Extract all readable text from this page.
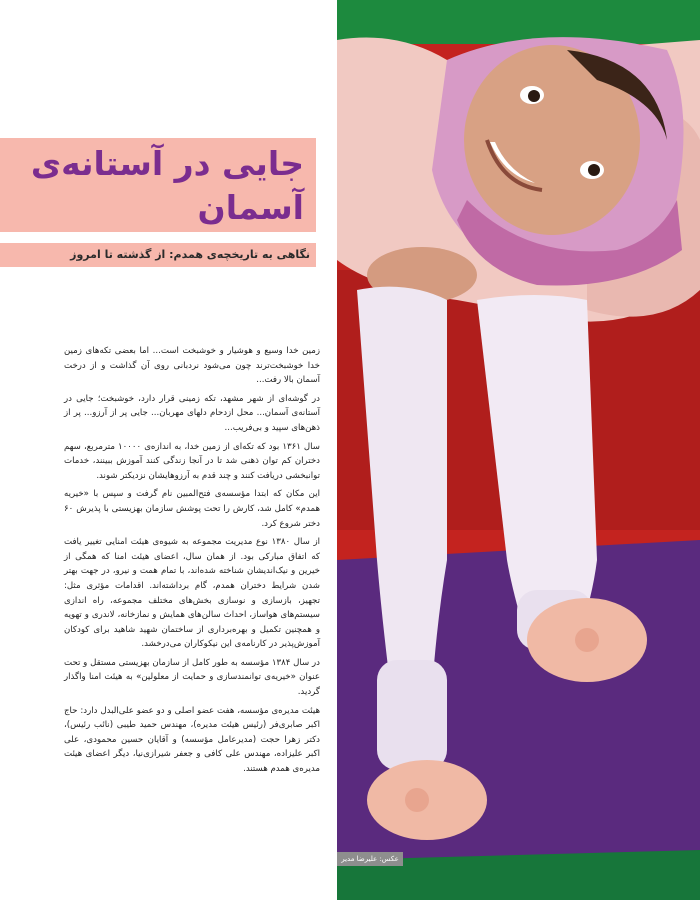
عکس: علیرضا مدیر
جایی در آستانه‌ی آسمان

نگاهی به تاریخچه‌ی همدم: از گذشته تا امروز

زمین خدا وسیع و هوشیار و خوشبخت است... اما بعضی تکه‌های زمین خدا خوشبخت‌ترند چون می‌شود نردبانی روی آن گذاشت و از درخت آسمان بالا رفت...

در گوشه‌ای از شهر مشهد، تکه زمینی قرار دارد، خوشبخت؛ جایی در آستانه‌ی آسمان... محل ازدحام دلهای مهربان... جایی پر از آرزو... پر از ذهن‌های سپید و بی‌فریب...

سال ۱۳۶۱ بود که تکه‌ای از زمین خدا، به اندازه‌ی ۱۰۰۰۰ مترمربع، سهم دختران کم توان ذهنی شد تا در آنجا زندگی کنند آموزش ببینند، خدمات توانبخشی دریافت کنند و چند قدم به آرزوهایشان نزدیکتر شوند.

این مکان که ابتدا مؤسسه‌ی فتح‌المبین نام گرفت و سپس با «خیریه همدم» کامل شد، کارش را تحت پوشش سازمان بهزیستی با پذیرش ۶۰ دختر شروع کرد.

از سال ۱۳۸۰ نوع مدیریت مجموعه به شیوه‌ی هیئت امنایی تغییر یافت که اتفاق مبارکی بود. از همان سال، اعضای هیئت امنا که همگی از خیرین و نیک‌اندیشان شناخته شده‌اند، با تمام همت و نیرو، در جهت بهتر شدن شرایط دختران همدم، گام برداشته‌اند. اقدامات مؤثری مثل: تجهیز، بازسازی و نوسازی بخش‌های مختلف مجموعه، راه اندازی سیستم‌های هواساز، احداث سالن‌های همایش و نمازخانه، لاندری و تهویه و همچنین تکمیل و بهره‌برداری از ساختمان شهید شاهید برای کودکان آموزش‌پذیر در کارنامه‌ی این نیکوکاران می‌درخشد.

در سال ۱۳۸۴ مؤسسه به طور کامل از سازمان بهزیستی مستقل و تحت عنوان «خیریه‌ی توانمندسازی و حمایت از معلولین» به هیئت امنا واگذار گردید.

هیئت مدیره‌ی مؤسسه، هفت عضو اصلی و دو عضو علی‌البدل دارد: حاج اکبر صابری‌فر (رئیس هیئت مدیره)، مهندس حمید طیبی (نائب رئیس)، دکتر زهرا حجت (مدیرعامل مؤسسه) و آقایان حسین محمودی، علی اکبر علیزاده، مهندس علی کافی و جعفر شیرازی‌نیا، دیگر اعضای هیئت مدیره‌ی همدم هستند.
